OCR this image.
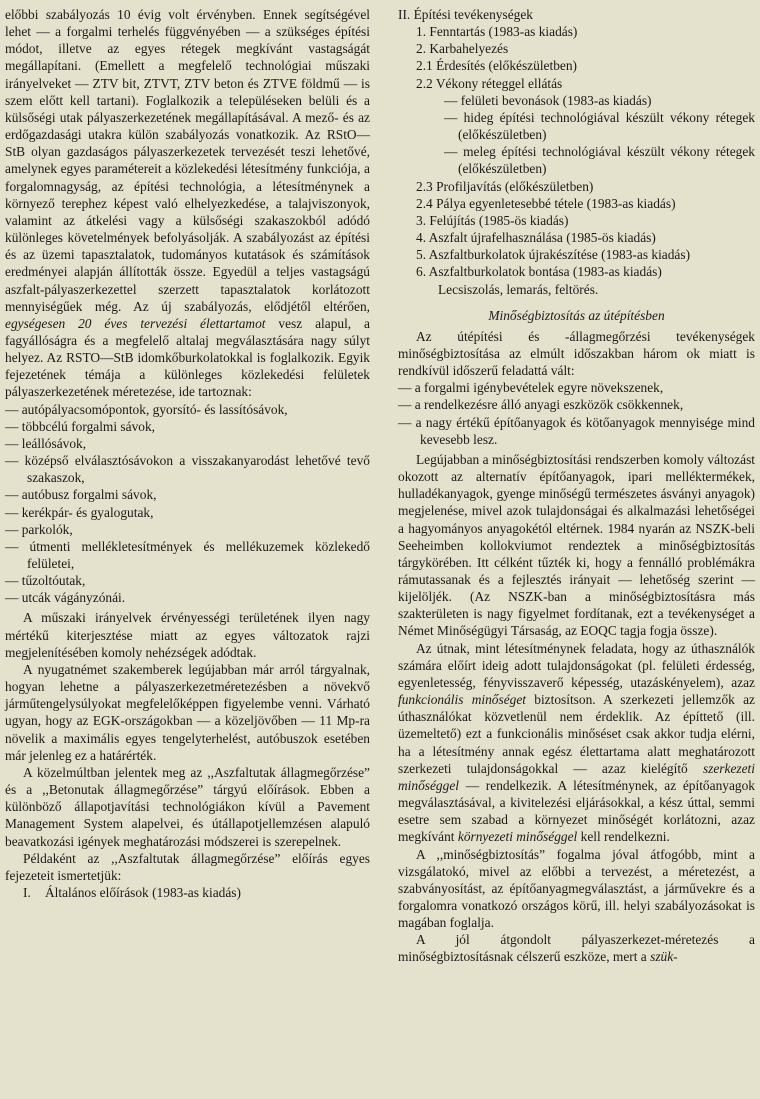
előbbi szabályozás 10 évig volt érvényben. Ennek segítségével lehet — a forgalmi terhelés függvényében — a szükséges építési módot, illetve az egyes rétegek megkívánt vastagságát megállapítani. (Emellett a megfelelő technológiai műszaki irányelveket — ZTV bit, ZTVT, ZTV beton és ZTVE földmű — is szem előtt kell tartani). Foglalkozik a településeken belüli és a külsőségi utak pályaszerkezetének megállapításával. A mező- és az erdőgazdasági utakra külön szabályozás vonatkozik. Az RStO—StB olyan gazdaságos pályaszerkezetek tervezését teszi lehetővé, amelynek egyes paramétereit a közlekedési létesítmény funkciója, a forgalomnagyság, az építési technológia, a létesítménynek a környező terephez képest való elhelyezkedése, a talajviszonyok, valamint az átkelési vagy a külsőségi szakaszokból adódó különleges követelmények befolyásolják. A szabályozást az építési és az üzemi tapasztalatok, tudományos kutatások és számítások eredményei alapján állították össze. Egyedül a teljes vastagságú aszfalt-pályaszerkezettel szerzett tapasztalatok korlátozott mennyiségűek még. Az új szabályozás, elődjétől eltérően, egységesen 20 éves tervezési élettartamot vesz alapul, a fagyállóságra és a megfelelő altalaj megválasztására nagy súlyt helyez. Az RSTO—StB idomkőburkolatokkal is foglalkozik. Egyik fejezetének témája a különleges közlekedési felületek pályaszerkezetének méretezése, ide tartoznak:

— autópályacsomópontok, gyorsító- és lassítósávok,
— többcélú forgalmi sávok,
— leállósávok,
— középső elválasztósávokon a visszakanyarodást lehetővé tevő szakaszok,
— autóbusz forgalmi sávok,
— kerékpár- és gyalogutak,
— parkolók,
— útmenti mellékletesítmények és mellékuzemek közlekedő felületei,
— tűzoltóutak,
— utcák vágányzónái.

A műszaki irányelvek érvényességi területének ilyen nagy mértékű kiterjesztése miatt az egyes változatok rajzi megjelenítésében komoly nehézségek adódtak.

A nyugatnémet szakemberek legújabban már arról tárgyalnak, hogyan lehetne a pályaszerkezetméretezésben a növekvő járműtengelysúlyokat megfelelőképpen figyelembe venni. Várható ugyan, hogy az EGK-országokban — a közeljövőben — 11 Mp-ra növelik a maximális egyes tengelyterhelést, autóbuszok esetében már jelenleg ez a határérték.

A közelmúltban jelentek meg az ,,Aszfaltutak állagmegőrzése” és a ,,Betonutak állagmegőrzése” tárgyú előírások. Ebben a különböző állapotjavítási technológiákon kívül a Pavement Management System alapelvei, és útállapotjellemzésen alapuló beavatkozási igények meghatározási módszerei is szerepelnek.

Példaként az ,,Aszfaltutak állagmegőrzése” előírás egyes fejezeteit ismertetjük:

I. Általános előírások (1983-as kiadás)
II. Építési tevékenységek
1. Fenntartás (1983-as kiadás)
2. Karbahelyezés
2.1 Érdesítés (előkészületben)
2.2 Vékony réteggel ellátás
— felületi bevonások (1983-as kiadás)
— hideg építési technológiával készült vékony rétegek (előkészületben)
— meleg építési technológiával készült vékony rétegek (előkészületben)
2.3 Profiljavítás (előkészületben)
2.4 Pálya egyenletesebbé tétele (1983-as kiadás)
3. Felújítás (1985-ös kiadás)
4. Aszfalt újrafelhasználása (1985-ös kiadás)
5. Aszfaltburkolatok újrakészítése (1983-as kiadás)
6. Aszfaltburkolatok bontása (1983-as kiadás)
Lecsiszolás, lemarás, feltörés.
Minőségbiztosítás az útépítésben

Az útépítési és -állagmegőrzési tevékenységek minőségbiztosítása az elmúlt időszakban három ok miatt is rendkívül időszerű feladattá vált:

— a forgalmi igénybevételek egyre növekszenek,
— a rendelkezésre álló anyagi eszközök csökkennek,
— a nagy értékű építőanyagok és kötőanyagok mennyisége mind kevesebb lesz.

Legújabban a minőségbiztosítási rendszerben komoly változást okozott az alternatív építőanyagok, ipari melléktermékek, hulladékanyagok, gyenge minőségű természetes ásványi anyagok) megjelenése, mivel azok tulajdonságai és alkalmazási lehetőségei a hagyományos anyagokétól eltérnek. 1984 nyarán az NSZK-beli Seeheimben kollokviumot rendeztek a minőségbiztosítás tárgykörében. Itt célként tűzték ki, hogy a fennálló problémákra rámutassanak és a fejlesztés irányait — lehetőség szerint — kijelöljék. (Az NSZK-ban a minőségbiztosításra más szakterületen is nagy figyelmet fordítanak, ezt a tevékenységet a Német Minőségügyi Társaság, az EOQC tagja fogja össze).

Az útnak, mint létesítménynek feladata, hogy az úthasználók számára előírt ideig adott tulajdonságokat (pl. felületi érdesség, egyenletesség, fényvisszaverő képesség, utazáskényelem), azaz funkcionális minőséget biztosítson. A szerkezeti jellemzők az úthasználókat közvetlenül nem érdeklik. Az építtető (ill. üzemeltető) ezt a funkcionális minőséset csak akkor tudja elérni, ha a létesítmény annak egész élettartama alatt meghatározott szerkezeti tulajdonságokkal — azaz kielégítő szerkezeti minőséggel — rendelkezik. A létesítménynek, az építőanyagok megválasztásával, a kivitelezési eljárásokkal, a kész úttal, semmi esetre sem szabad a környezet minőségét korlátozni, azaz megkívánt környezeti minőséggel kell rendelkezni.

A ,,minőségbiztosítás” fogalma jóval átfogóbb, mint a vizsgálatokó, mivel az előbbi a tervezést, a méretezést, a szabványosítást, az építőanyagmegválasztást, a járművekre és a forgalomra vonatkozó országos körű, ill. helyi szabályozásokat is magában foglalja.

A jól átgondolt pályaszerkezet-méretezés a minőségbiztosításnak célszerű eszköze, mert a szük-
